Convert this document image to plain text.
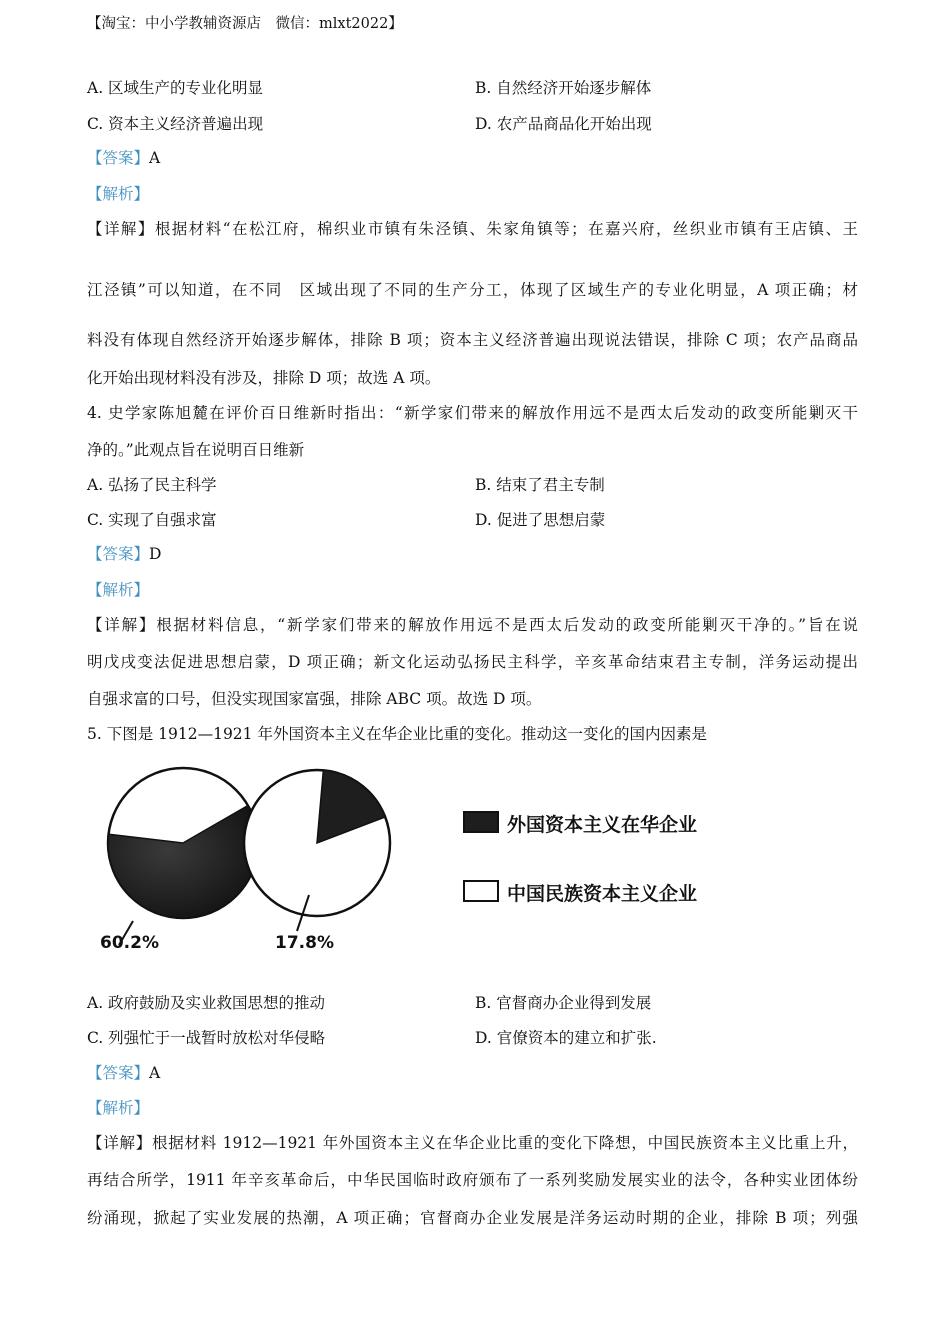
【淘宝：中小学教辅资源店　微信：mlxt2022】
A. 区域生产的专业化明显	B. 自然经济开始逐步解体
C. 资本主义经济普遍出现	D. 农产品商品化开始出现
【答案】A
【解析】
【详解】根据材料“在松江府，棉织业市镇有朱泾镇、朱家角镇等；在嘉兴府，丝织业市镇有王店镇、王
江泾镇”可以知道，在不同　区域出现了不同的生产分工，体现了区域生产的专业化明显，A 项正确；材
料没有体现自然经济开始逐步解体，排除 B 项；资本主义经济普遍出现说法错误，排除 C 项；农产品商品
化开始出现材料没有涉及，排除 D 项；故选 A 项。
4. 史学家陈旭麓在评价百日维新时指出：“新学家们带来的解放作用远不是西太后发动的政变所能剿灭干
净的。”此观点旨在说明百日维新
A. 弘扬了民主科学	B. 结束了君主专制
C. 实现了自强求富	D. 促进了思想启蒙
【答案】D
【解析】
【详解】根据材料信息，“新学家们带来的解放作用远不是西太后发动的政变所能剿灭干净的。”旨在说
明戊戌变法促进思想启蒙，D 项正确；新文化运动弘扬民主科学，辛亥革命结束君主专制，洋务运动提出
自强求富的口号，但没实现国家富强，排除 ABC 项。故选 D 项。
5. 下图是 1912—1921 年外国资本主义在华企业比重的变化。推动这一变化的国内因素是
60.2%	17.8%
外国资本主义在华企业
中国民族资本主义企业
A. 政府鼓励及实业救国思想的推动	B. 官督商办企业得到发展
C. 列强忙于一战暂时放松对华侵略	D. 官僚资本的建立和扩张.
【答案】A
【解析】
【详解】根据材料 1912—1921 年外国资本主义在华企业比重的变化下降想，中国民族资本主义比重上升，
再结合所学，1911 年辛亥革命后，中华民国临时政府颁布了一系列奖励发展实业的法令，各种实业团体纷
纷涌现，掀起了实业发展的热潮，A 项正确；官督商办企业发展是洋务运动时期的企业，排除 B 项；列强
